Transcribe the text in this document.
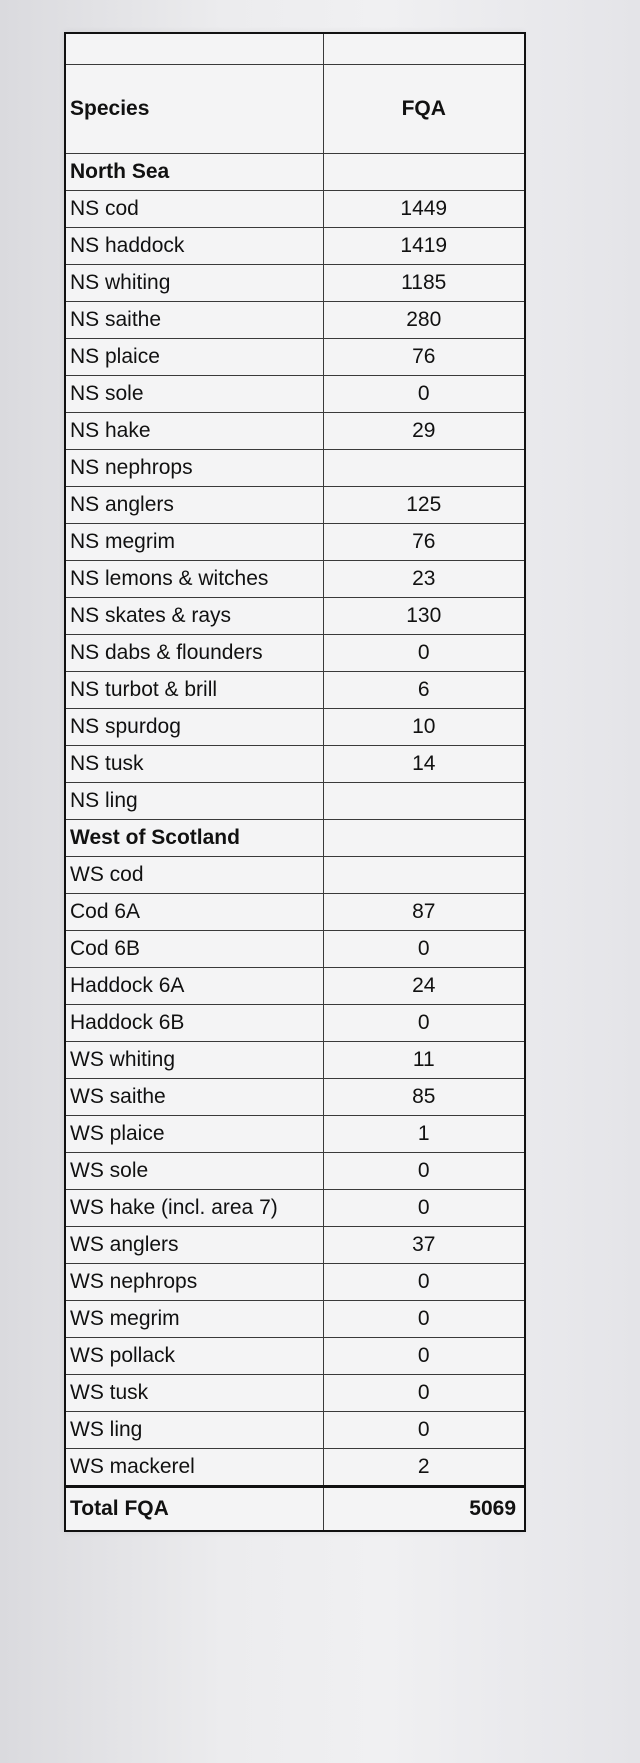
Species	FQA
North Sea	
NS cod	1449
NS haddock	1419
NS whiting	1185
NS saithe	280
NS plaice	76
NS sole	0
NS hake	29
NS nephrops	
NS anglers	125
NS megrim	76
NS lemons & witches	23
NS skates & rays	130
NS dabs & flounders	0
NS turbot & brill	6
NS spurdog	10
NS tusk	14
NS ling	
West of Scotland	
WS cod	
Cod 6A	87
Cod 6B	0
Haddock 6A	24
Haddock 6B	0
WS whiting	11
WS saithe	85
WS plaice	1
WS sole	0
WS hake (incl. area 7)	0
WS anglers	37
WS nephrops	0
WS megrim	0
WS pollack	0
WS tusk	0
WS ling	0
WS mackerel	2
Total FQA	5069
